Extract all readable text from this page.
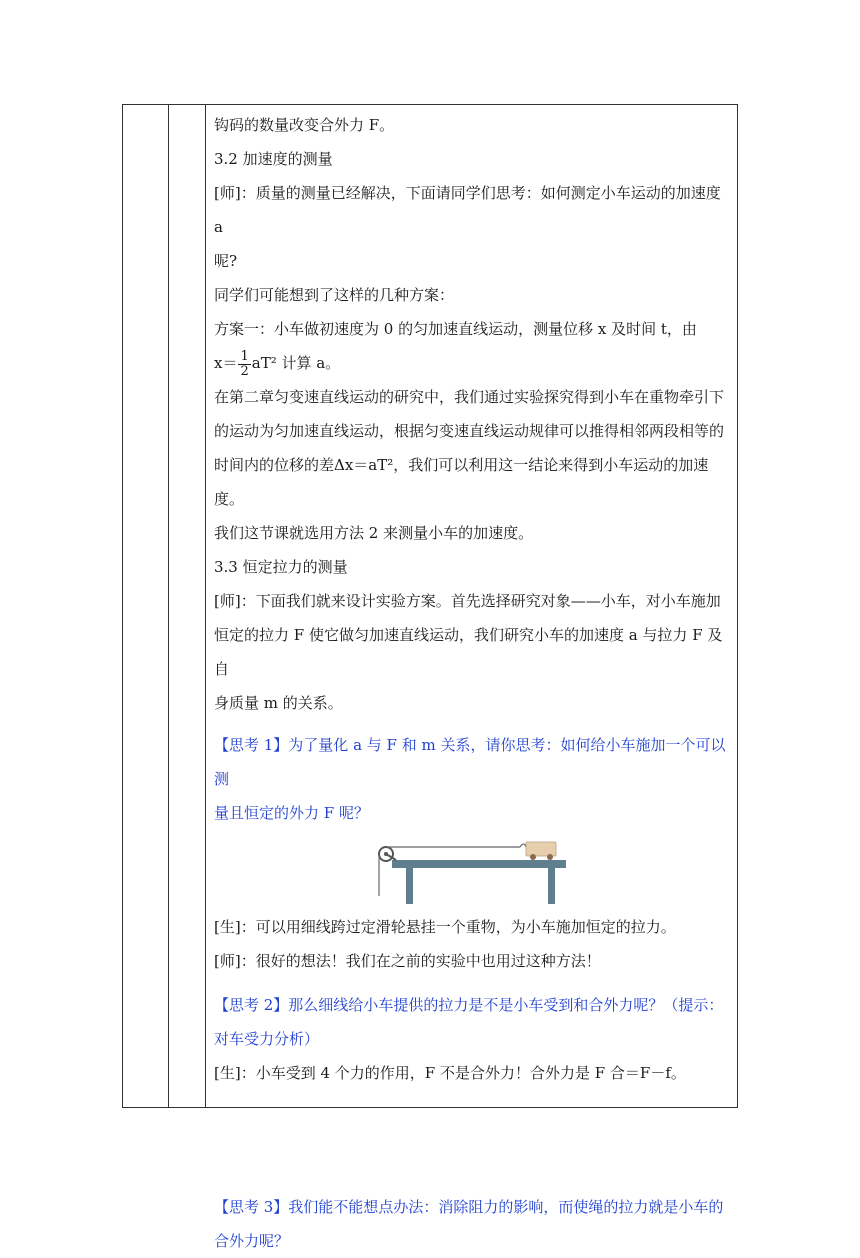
钩码的数量改变合外力 F。

3.2 加速度的测量

[师]：质量的测量已经解决，下面请同学们思考：如何测定小车运动的加速度 a

呢?

同学们可能想到了这样的几种方案：

方案一：小车做初速度为 0 的匀加速直线运动，测量位移 x 及时间 t，由

$x= \frac{1}{2} aT^2$ 计算 a。

在第二章匀变速直线运动的研究中，我们通过实验探究得到小车在重物牵引下

的运动为匀加速直线运动，根据匀变速直线运动规律可以推得相邻两段相等的

时间内的位移的差Δx＝aT²，我们可以利用这一结论来得到小车运动的加速度。

我们这节课就选用方法 2 来测量小车的加速度。

3.3 恒定拉力的测量

[师]：下面我们就来设计实验方案。首先选择研究对象——小车，对小车施加

恒定的拉力 F 使它做匀加速直线运动，我们研究小车的加速度 a 与拉力 F 及自

身质量 m 的关系。

【思考 1】为了量化 a 与 F 和 m 关系，请你思考：如何给小车施加一个可以测

量且恒定的外力 F 呢？

[生]：可以用细线跨过定滑轮悬挂一个重物，为小车施加恒定的拉力。

[师]：很好的想法！我们在之前的实验中也用过这种方法！

【思考 2】那么细线给小车提供的拉力是不是小车受到和合外力呢？（提示：

对车受力分析）

[生]：小车受到 4 个力的作用，F 不是合外力！合外力是 F 合＝F－f。

【思考 3】我们能不能想点办法：消除阻力的影响，而使绳的拉力就是小车的

合外力呢？
